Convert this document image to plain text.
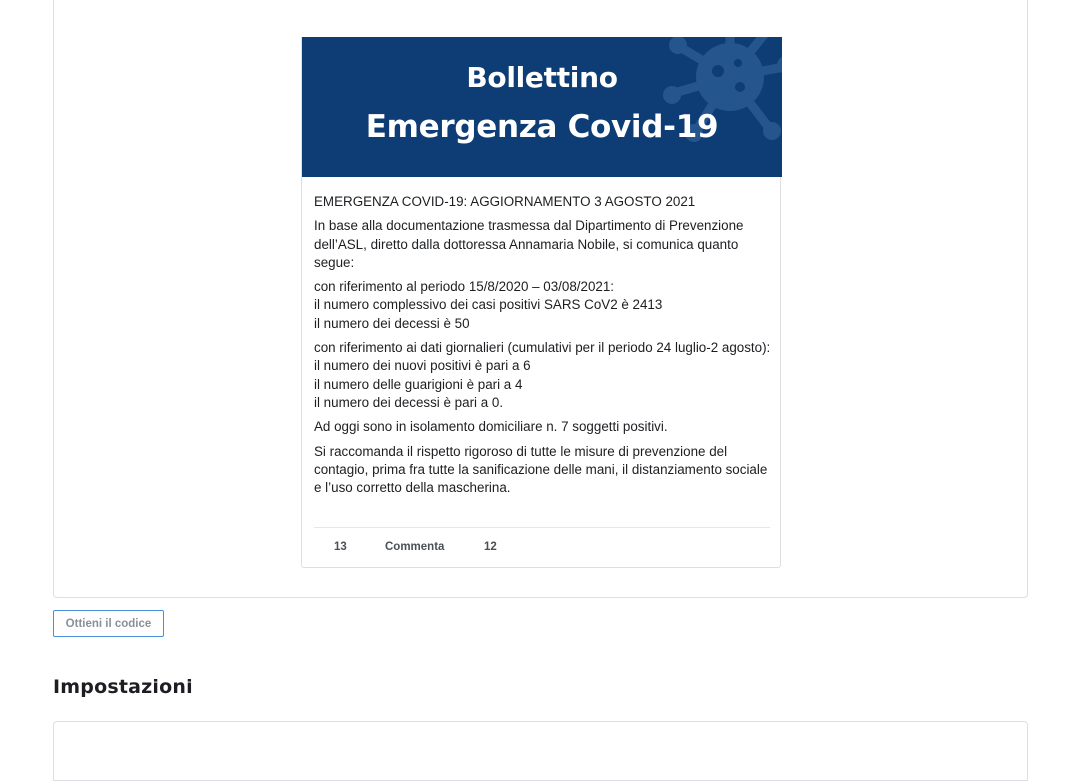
Bollettino
Emergenza Covid-19

EMERGENZA COVID-19: AGGIORNAMENTO 3 AGOSTO 2021

In base alla documentazione trasmessa dal Dipartimento di Prevenzione dell’ASL, diretto dalla dottoressa Annamaria Nobile, si comunica quanto segue:

con riferimento al periodo 15/8/2020 – 03/08/2021:
il numero complessivo dei casi positivi SARS CoV2 è 2413
il numero dei decessi è 50

con riferimento ai dati giornalieri (cumulativi per il periodo 24 luglio-2 agosto):
il numero dei nuovi positivi è pari a 6
il numero delle guarigioni è pari a 4
il numero dei decessi è pari a 0.

Ad oggi sono in isolamento domiciliare n. 7 soggetti positivi.

Si raccomanda il rispetto rigoroso di tutte le misure di prevenzione del contagio, prima fra tutte la sanificazione delle mani, il distanziamento sociale e l’uso corretto della mascherina.

13	Commenta	12
Ottieni il codice
Impostazioni
